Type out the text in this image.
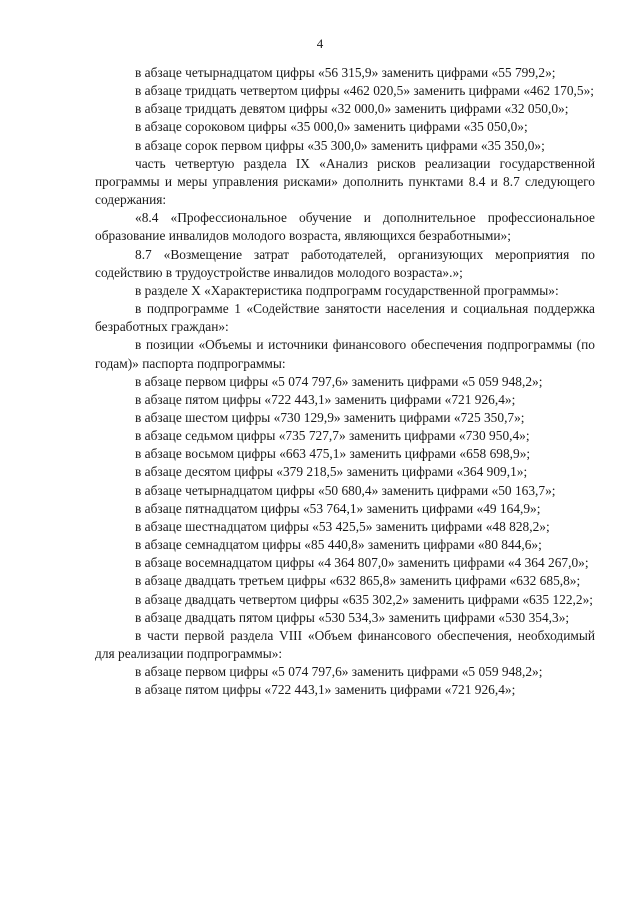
4

в абзаце четырнадцатом цифры «56 315,9» заменить цифрами «55 799,2»;

в абзаце тридцать четвертом цифры «462 020,5» заменить цифрами «462 170,5»;

в абзаце тридцать девятом цифры «32 000,0» заменить цифрами «32 050,0»;

в абзаце сороковом цифры «35 000,0» заменить цифрами «35 050,0»;

в абзаце сорок первом цифры «35 300,0» заменить цифрами «35 350,0»;

часть четвертую раздела IX «Анализ рисков реализации государственной программы и меры управления рисками» дополнить пунктами 8.4 и 8.7 следующего содержания:

«8.4 «Профессиональное обучение и дополнительное профессиональное образование инвалидов молодого возраста, являющихся безработными»;

8.7 «Возмещение затрат работодателей, организующих мероприятия по содействию в трудоустройстве инвалидов молодого возраста».»;

в разделе X «Характеристика подпрограмм государственной программы»:

в подпрограмме 1 «Содействие занятости населения и социальная поддержка безработных граждан»:

в позиции «Объемы и источники финансового обеспечения подпрограммы (по годам)» паспорта подпрограммы:

в абзаце первом цифры «5 074 797,6» заменить цифрами «5 059 948,2»;

в абзаце пятом цифры «722 443,1» заменить цифрами «721 926,4»;

в абзаце шестом цифры «730 129,9» заменить цифрами «725 350,7»;

в абзаце седьмом цифры «735 727,7» заменить цифрами «730 950,4»;

в абзаце восьмом цифры «663 475,1» заменить цифрами «658 698,9»;

в абзаце десятом цифры «379 218,5» заменить цифрами «364 909,1»;

в абзаце четырнадцатом цифры «50 680,4» заменить цифрами «50 163,7»;

в абзаце пятнадцатом цифры «53 764,1» заменить цифрами «49 164,9»;

в абзаце шестнадцатом цифры «53 425,5» заменить цифрами «48 828,2»;

в абзаце семнадцатом цифры «85 440,8» заменить цифрами «80 844,6»;

в абзаце восемнадцатом цифры «4 364 807,0» заменить цифрами «4 364 267,0»;

в абзаце двадцать третьем цифры «632 865,8» заменить цифрами «632 685,8»;

в абзаце двадцать четвертом цифры «635 302,2» заменить цифрами «635 122,2»;

в абзаце двадцать пятом цифры «530 534,3» заменить цифрами «530 354,3»;

в части первой раздела VIII «Объем финансового обеспечения, необходимый для реализации подпрограммы»:

в абзаце первом цифры «5 074 797,6» заменить цифрами «5 059 948,2»;

в абзаце пятом цифры «722 443,1» заменить цифрами «721 926,4»;
